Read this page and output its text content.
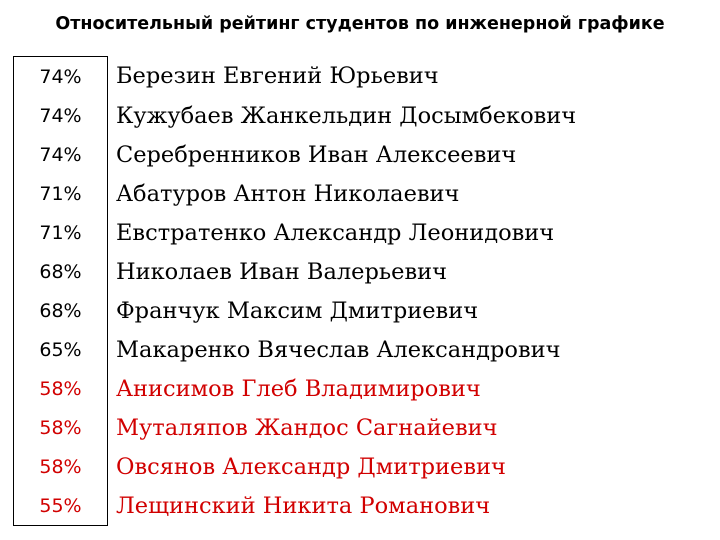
Относительный рейтинг студентов по инженерной графике
74%	Березин Евгений Юрьевич
74%	Кужубаев Жанкельдин Досымбекович
74%	Серебренников Иван Алексеевич
71%	Абатуров Антон Николаевич
71%	Евстратенко Александр Леонидович
68%	Николаев Иван Валерьевич
68%	Франчук Максим Дмитриевич
65%	Макаренко Вячеслав Александрович
58%	Анисимов Глеб Владимирович
58%	Муталяпов Жандос Сагнайевич
58%	Овсянов Александр Дмитриевич
55%	Лещинский Никита Романович
